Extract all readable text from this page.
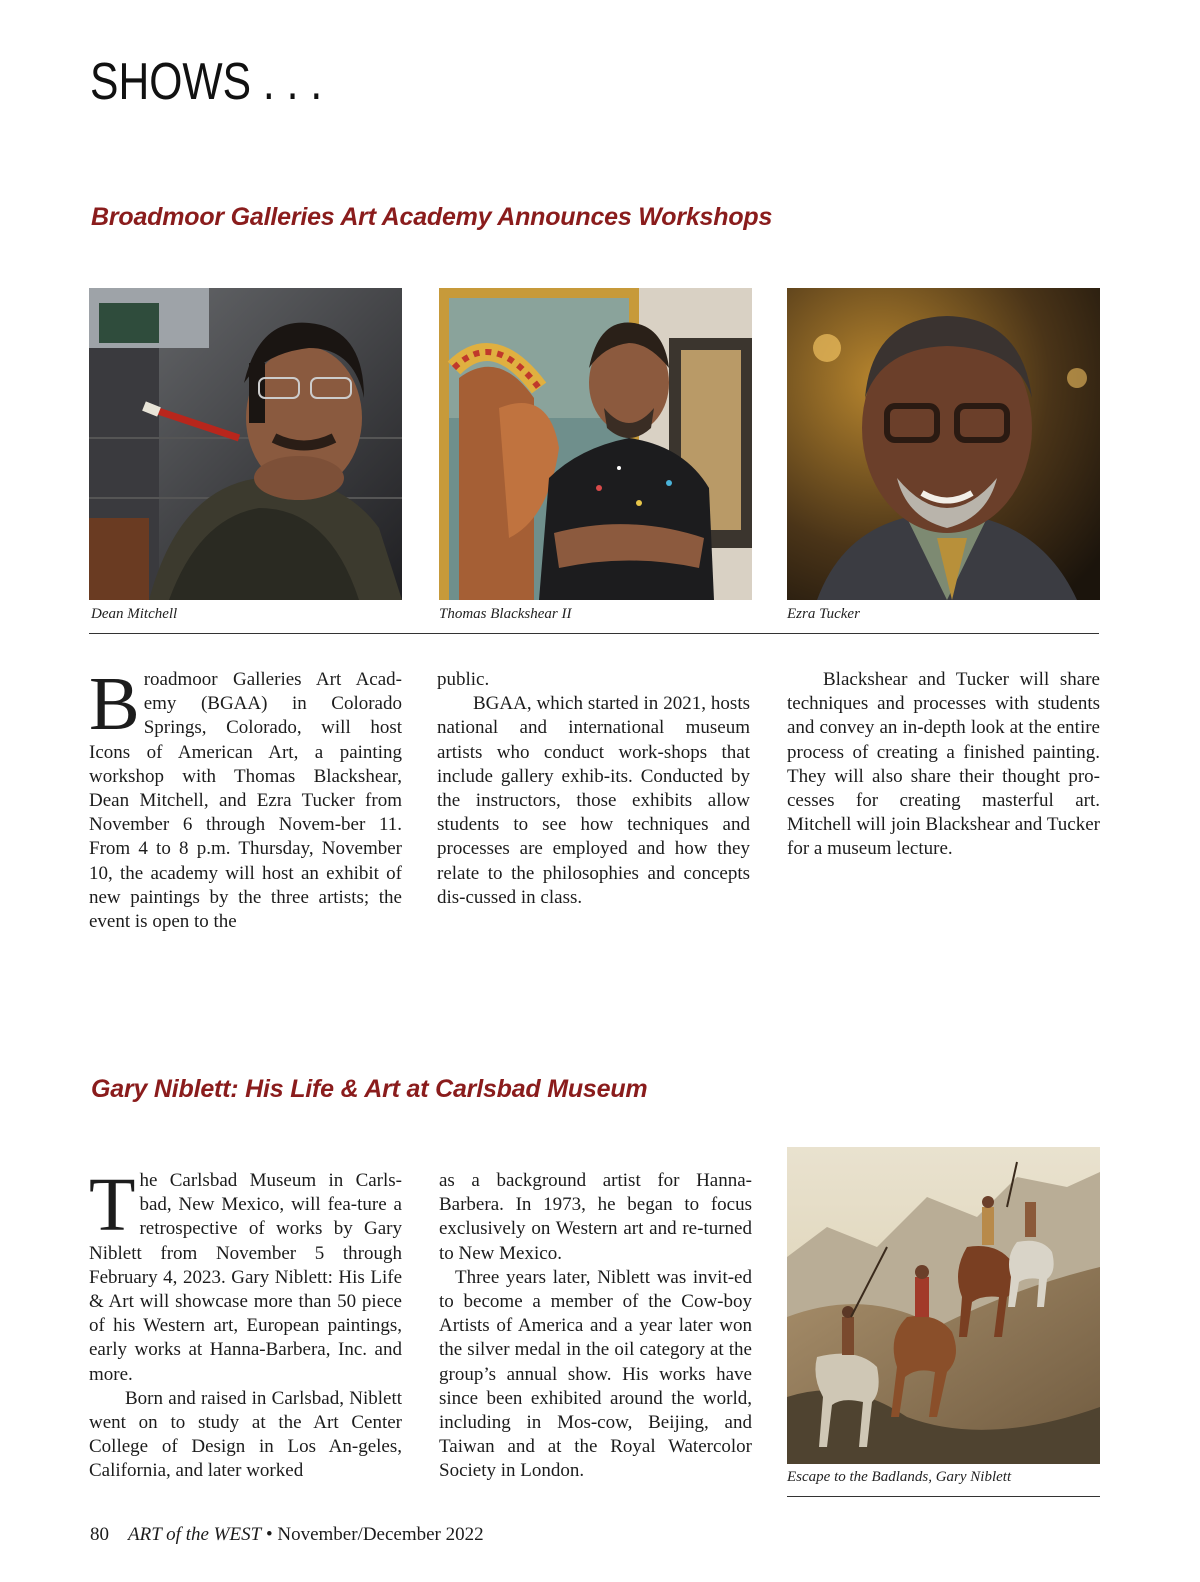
SHOWS . . .
Broadmoor Galleries Art Academy Announces Workshops
Dean Mitchell	Thomas Blackshear II	Ezra Tucker

Broadmoor Galleries Art Acad-emy (BGAA) in Colorado Springs, Colorado, will host Icons of American Art, a painting workshop with Thomas Blackshear, Dean Mitchell, and Ezra Tucker from November 6 through Novem-ber 11. From 4 to 8 p.m. Thursday, November 10, the academy will host an exhibit of new paintings by the three artists; the event is open to the

public.

BGAA, which started in 2021, hosts national and international museum artists who conduct work-shops that include gallery exhib-its. Conducted by the instructors, those exhibits allow students to see how techniques and processes are employed and how they relate to the philosophies and concepts dis-cussed in class.

Blackshear and Tucker will share techniques and processes with students and convey an in-depth look at the entire process of creating a finished painting. They will also share their thought pro-cesses for creating masterful art. Mitchell will join Blackshear and Tucker for a museum lecture.

Gary Niblett: His Life & Art at Carlsbad Museum

The Carlsbad Museum in Carls-bad, New Mexico, will fea-ture a retrospective of works by Gary Niblett from November 5 through February 4, 2023. Gary Niblett: His Life & Art will showcase more than 50 piece of his Western art, European paintings, early works at Hanna-Barbera, Inc. and more.

Born and raised in Carlsbad, Niblett went on to study at the Art Center College of Design in Los An-geles, California, and later worked

as a background artist for Hanna-Barbera. In 1973, he began to focus exclusively on Western art and re-turned to New Mexico.

Three years later, Niblett was invit-ed to become a member of the Cow-boy Artists of America and a year later won the silver medal in the oil category at the group’s annual show. His works have since been exhibited around the world, including in Mos-cow, Beijing, and Taiwan and at the Royal Watercolor Society in London.	Escape to the Badlands, Gary Niblett
80 ART of the WEST • November/December 2022
